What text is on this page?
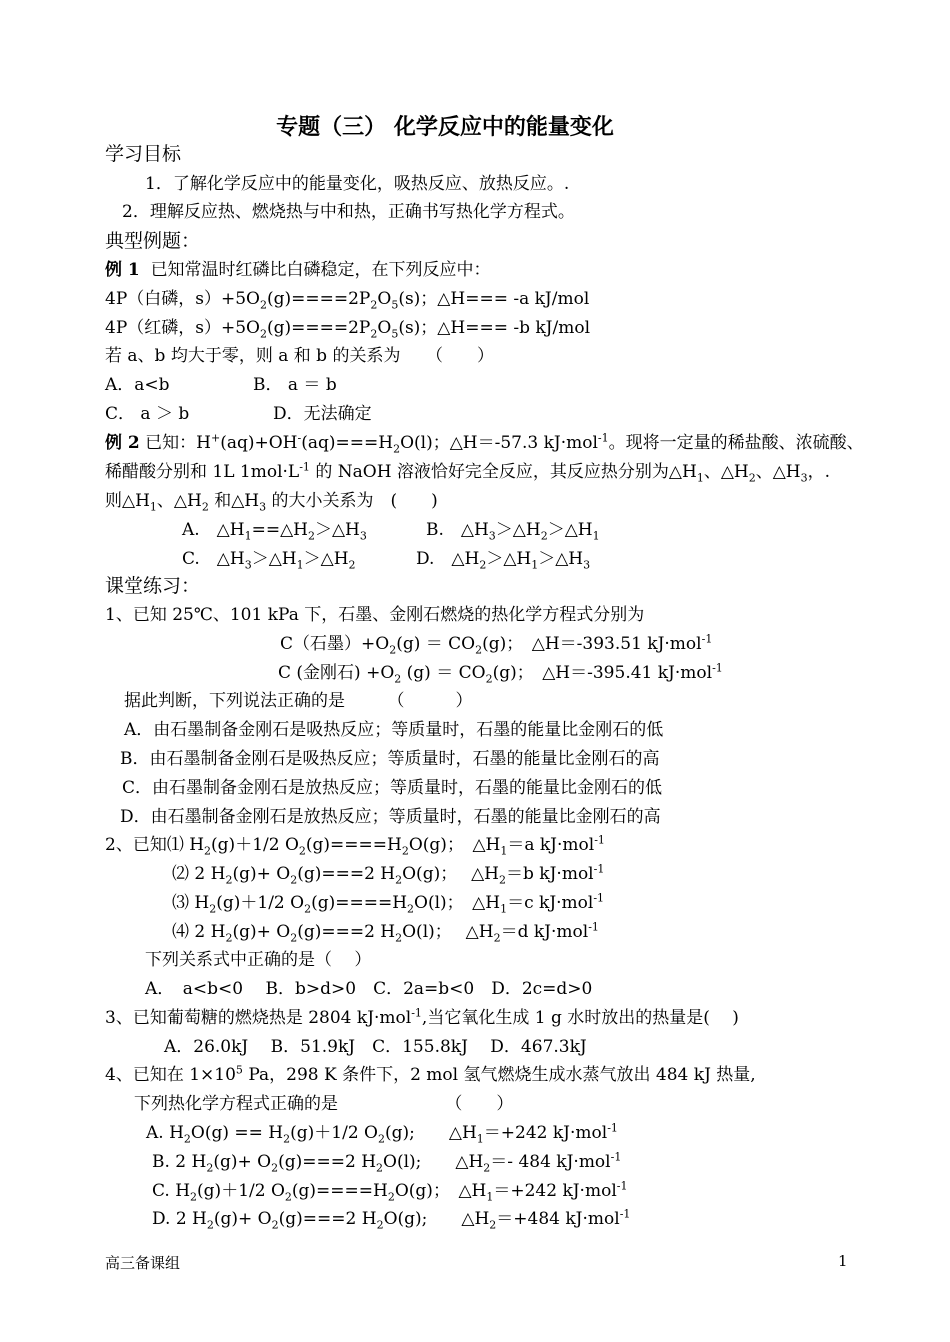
专题（三） 化学反应中的能量变化
学习目标
1．了解化学反应中的能量变化，吸热反应、放热反应。.
2．理解反应热、燃烧热与中和热，正确书写热化学方程式。
典型例题：
例 1 已知常温时红磷比白磷稳定，在下列反应中：
4P（白磷，$s)+5O_2(g)====2P_2O_5(s)$；△H=== -a kJ/mol
4P（红磷，$s)+5O_2(g)====2P_2O_5(s)$；△H=== -b kJ/mol
若 a、b 均大于零，则 a 和 b 的关系为　　（　　）
A．a<b	B． a ＝ b
C． a ＞ b	D．无法确定
例 2 已知：$H^+(aq)+OH^-(aq)===H_2O(l)$；△H＝-57.3 kJ·mol$^{-1}$。现将一定量的稀盐酸、浓硫酸、
稀醋酸分别和 1L $1mol\cdot L^{-1}$ 的 NaOH 溶液恰好完全反应，其反应热分别为$\triangle H_1$、$\triangle H_2$、$\triangle H_3$，.
则$\triangle H_1$、$\triangle H_2$ 和$\triangle H_3$ 的大小关系为　(　　)
A.　$\triangle H_1==\triangle H_2>\triangle H_3$	B.　$\triangle H_3>\triangle H_2>\triangle H_1$
C.　$\triangle H_3>\triangle H_1>\triangle H_2$	D.　$\triangle H_2>\triangle H_1>\triangle H_3$
课堂练习：
1、已知 25℃、101 kPa 下，石墨、金刚石燃烧的热化学方程式分别为
C（石墨）$+O_2(g) = CO_2(g)$；　△H＝-393.51 kJ·mol$^{-1}$
C (金刚石) $+O_2$ $(g) = CO_2(g)$；　△H＝-395.41 kJ·mol$^{-1}$
据此判断，下列说法正确的是　　　（　　　）
A．由石墨制备金刚石是吸热反应；等质量时，石墨的能量比金刚石的低
B．由石墨制备金刚石是吸热反应；等质量时，石墨的能量比金刚石的高
C．由石墨制备金刚石是放热反应；等质量时，石墨的能量比金刚石的低
D．由石墨制备金刚石是放热反应；等质量时，石墨的能量比金刚石的高
2、已知⑴ $H_2(g)+1/2$ $O_2(g)====H_2O(g)$；　$\triangle H_1=a$ kJ·mol$^{-1}$
⑵ 2 $H_2(g)+ O_2(g)===2$ $H_2O(g)$；　 $\triangle H_2=b$ kJ·mol$^{-1}$
⑶ $H_2(g)+1/2$ $O_2(g)====H_2O(l)$；　$\triangle H_1=c$ kJ·mol$^{-1}$
⑷ 2 $H_2(g)+ O_2(g)===2$ $H_2O(l)$；　 $\triangle H_2=d$ kJ·mol$^{-1}$
下列关系式中正确的是（　 ）
A．　a<b<0　 B．b>d>0　C．2a=b<0　D．2c=d>0
3、已知葡萄糖的燃烧热是 2804 kJ·mol$^{-1}$,当它氧化生成 1 g 水时放出的热量是(　 )
A．26.0kJ　 B．51.9kJ　C．155.8kJ　 D．467.3kJ
4、已知在 $1\times 10^5$ Pa，298 K 条件下，2 mol 氢气燃烧生成水蒸气放出 484 kJ 热量,
下列热化学方程式正确的是　　　　　　 （　　）
A. $H_2O(g) == H_2(g)+1/2$ $O_2(g)$;　　$\triangle H_1=+242$ kJ·mol$^{-1}$
B. 2 $H_2(g)+ O_2(g)===2$ $H_2O(l)$;　　$\triangle H_2=-$ 484 kJ·mol$^{-1}$
C. $H_2(g)+1/2$ $O_2(g)====H_2O(g)$；　$\triangle H_1=+242$ kJ·mol$^{-1}$
D. 2 $H_2(g)+ O_2(g)===2$ $H_2O(g)$;　　$\triangle H_2=+484$ kJ·mol$^{-1}$
高三备课组	1
